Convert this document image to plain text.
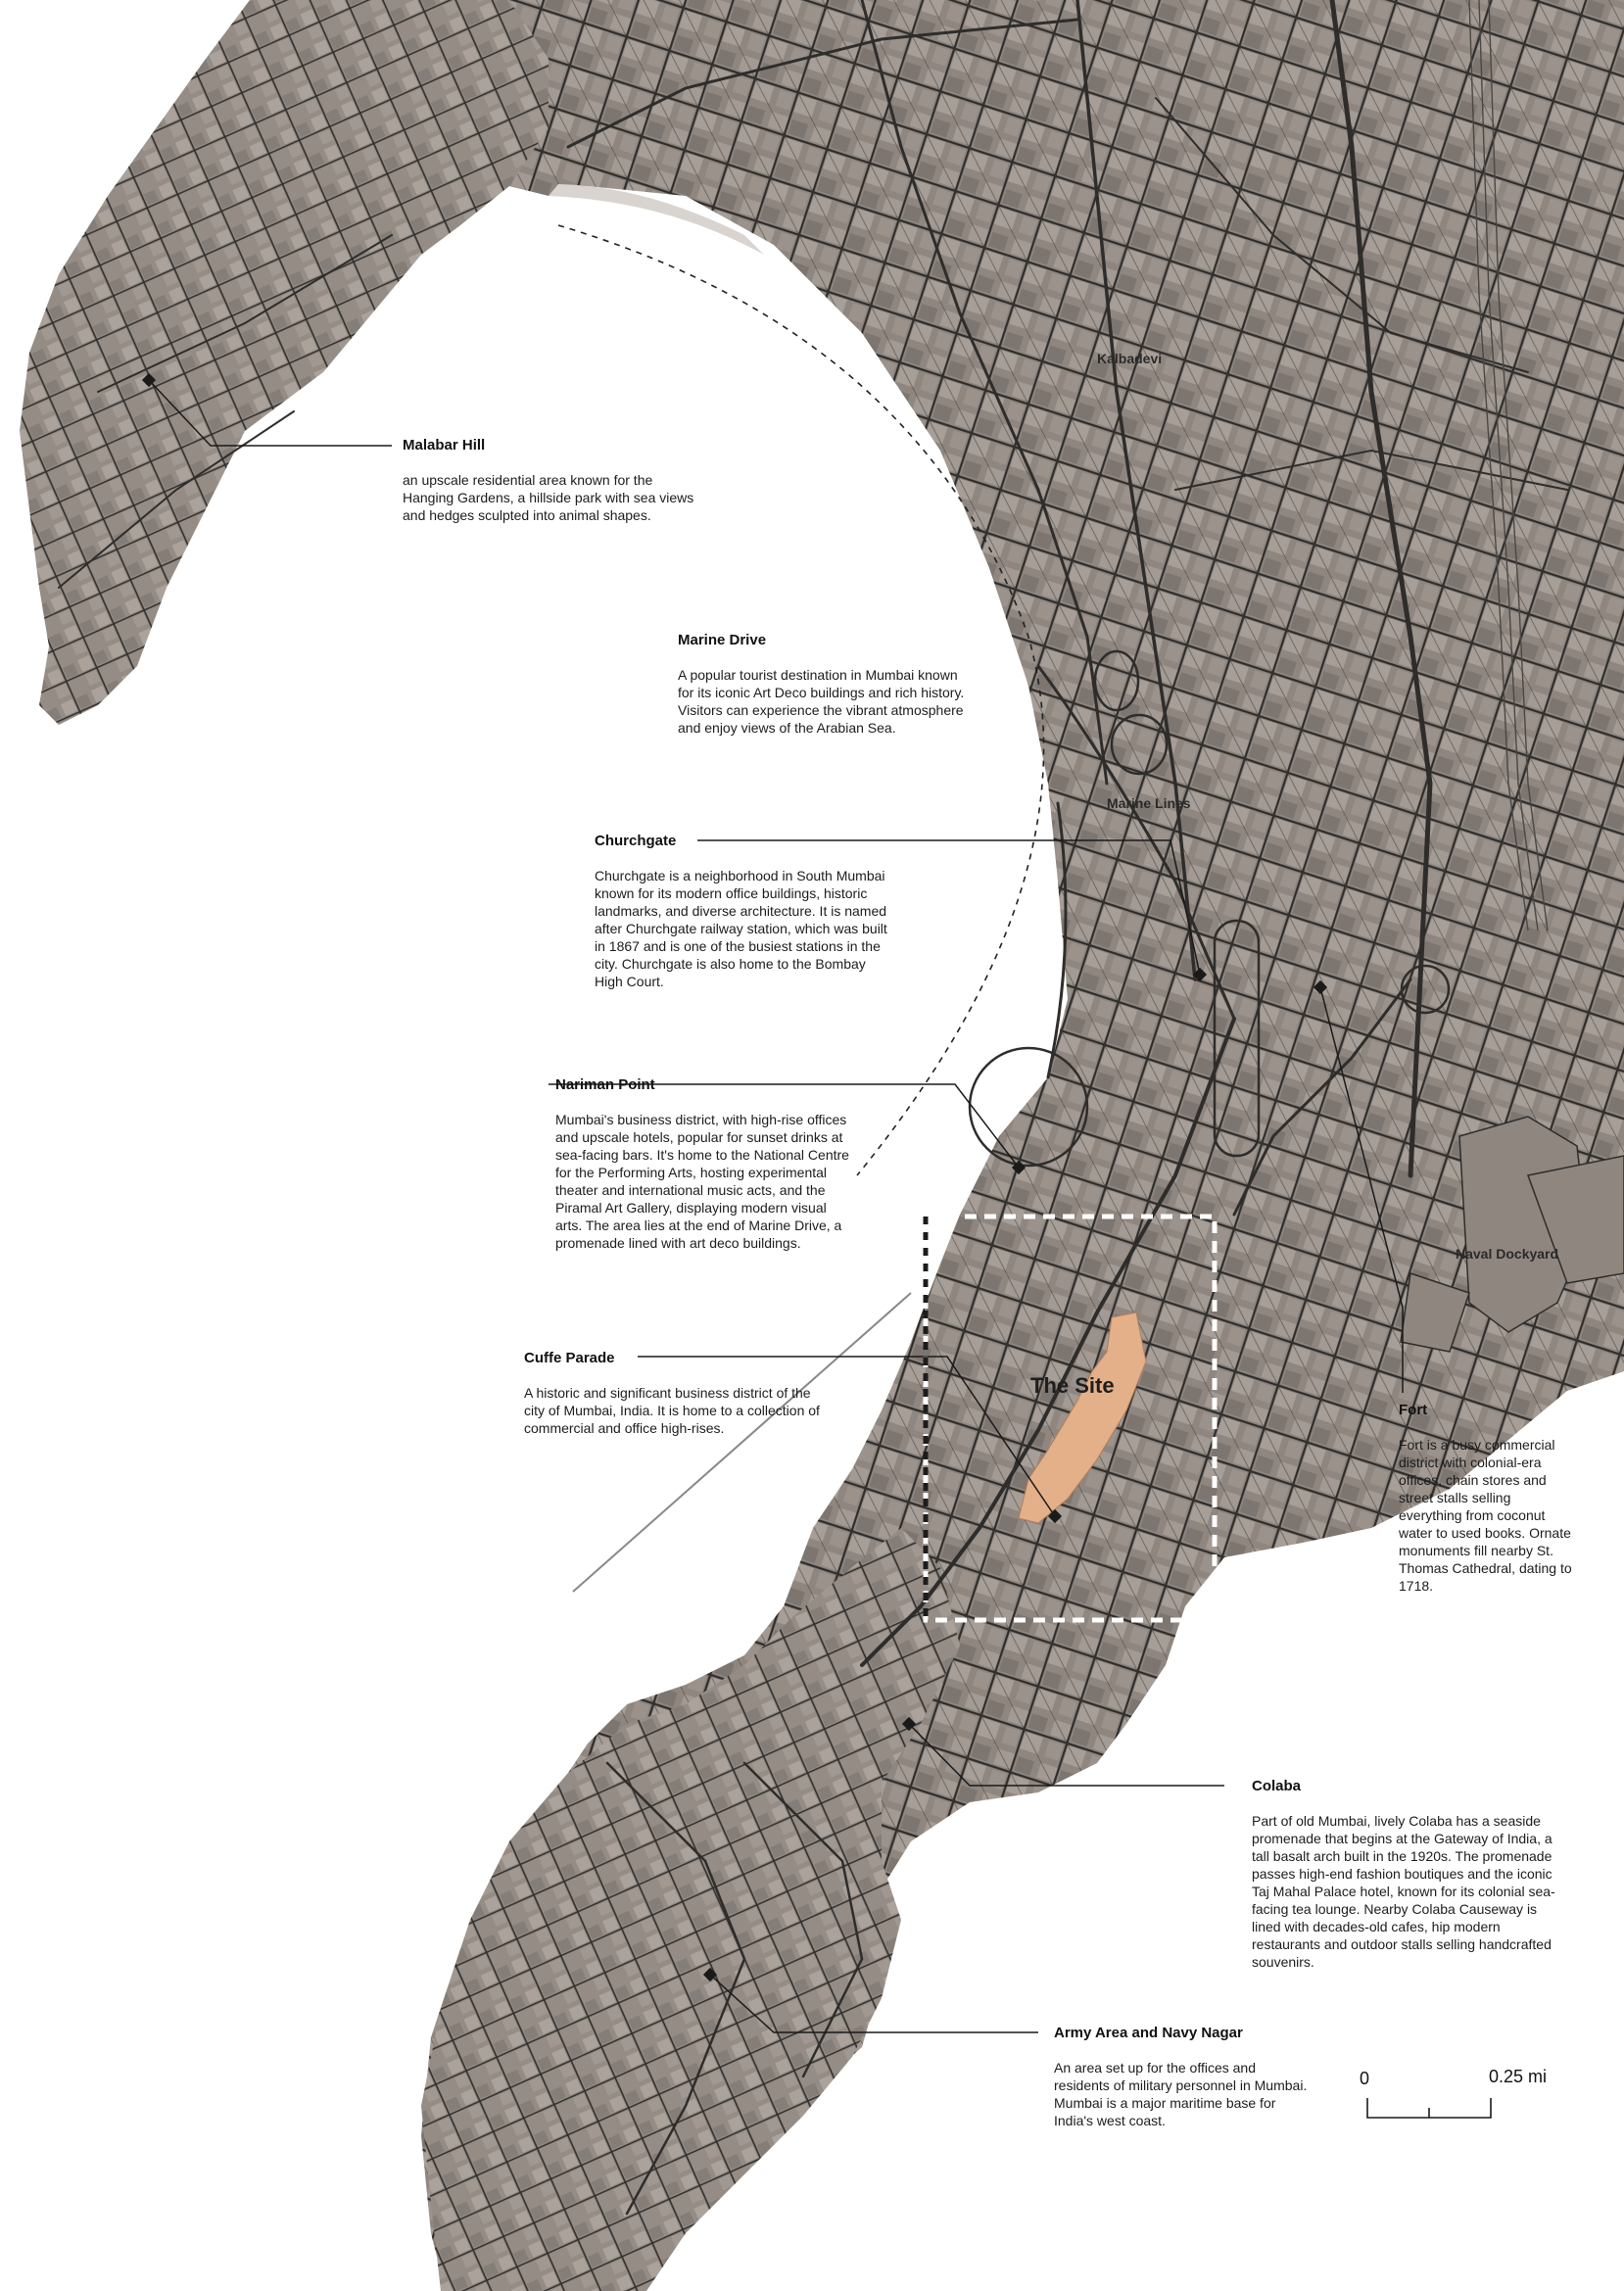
Kalbadevi
Marine Lines
Naval Dockyard
The Site
Malabar Hill

an upscale residential area known for the Hanging Gardens, a hillside park with sea views and hedges sculpted into animal shapes.

Marine Drive

A popular tourist destination in Mumbai known for its iconic Art Deco buildings and rich history. Visitors can experience the vibrant atmosphere and enjoy views of the Arabian Sea.

Churchgate

Churchgate is a neighborhood in South Mumbai known for its modern office buildings, historic landmarks, and diverse architecture. It is named after Churchgate railway station, which was built in 1867 and is one of the busiest stations in the city. Churchgate is also home to the Bombay High Court.

Nariman Point

Mumbai's business district, with high-rise offices and upscale hotels, popular for sunset drinks at sea-facing bars. It's home to the National Centre for the Performing Arts, hosting experimental theater and international music acts, and the Piramal Art Gallery, displaying modern visual arts. The area lies at the end of Marine Drive, a promenade lined with art deco buildings.

Cuffe Parade

A historic and significant business district of the city of Mumbai, India. It is home to a collection of commercial and office high-rises.

Fort

Fort is a busy commercial district with colonial-era offices, chain stores and street stalls selling everything from coconut water to used books. Ornate monuments fill nearby St. Thomas Cathedral, dating to 1718.

Colaba

Part of old Mumbai, lively Colaba has a seaside promenade that begins at the Gateway of India, a tall basalt arch built in the 1920s. The promenade passes high-end fashion boutiques and the iconic Taj Mahal Palace hotel, known for its colonial sea-facing tea lounge. Nearby Colaba Causeway is lined with decades-old cafes, hip modern restaurants and outdoor stalls selling handcrafted souvenirs.

Army Area and Navy Nagar

An area set up for the offices and residents of military personnel in Mumbai. Mumbai is a major maritime base for India's west coast.

0	0.25 mi
